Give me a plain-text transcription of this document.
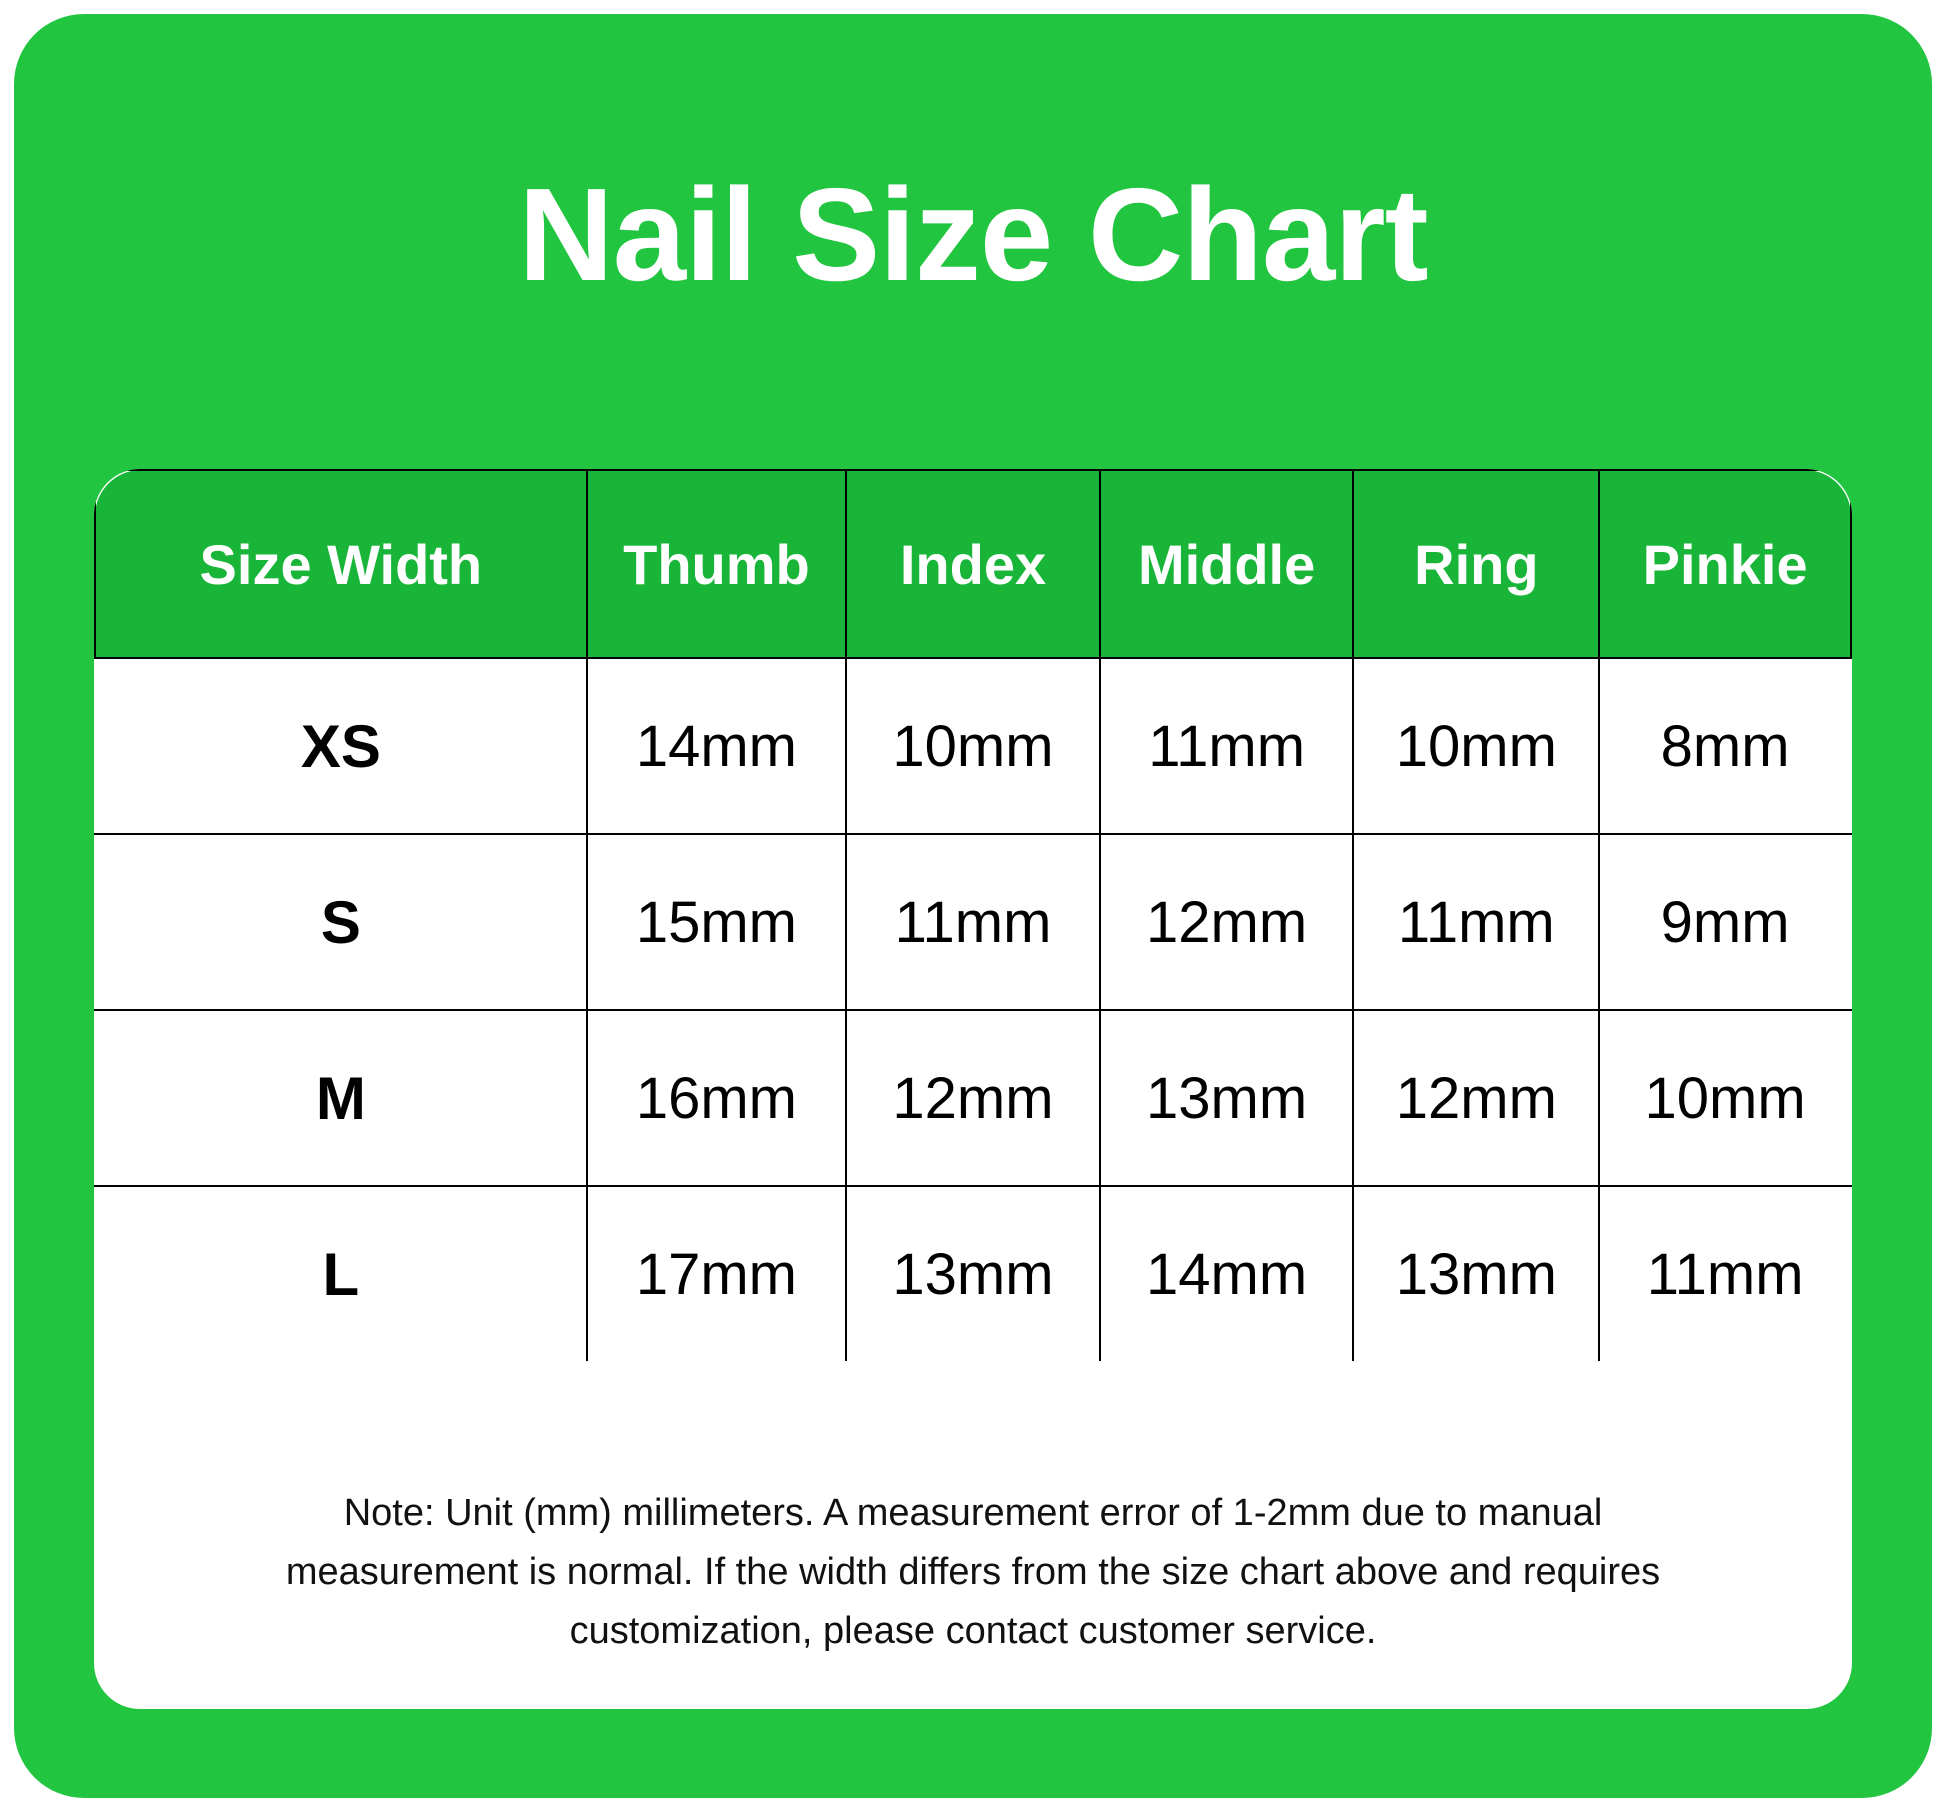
Nail Size Chart
Size Width	Thumb	Index	Middle	Ring	Pinkie
XS	14mm	10mm	11mm	10mm	8mm
S	15mm	11mm	12mm	11mm	9mm
M	16mm	12mm	13mm	12mm	10mm
L	17mm	13mm	14mm	13mm	11mm
Note: Unit (mm) millimeters. A measurement error of 1-2mm due to manual measurement is normal. If the width differs from the size chart above and requires customization, please contact customer service.
